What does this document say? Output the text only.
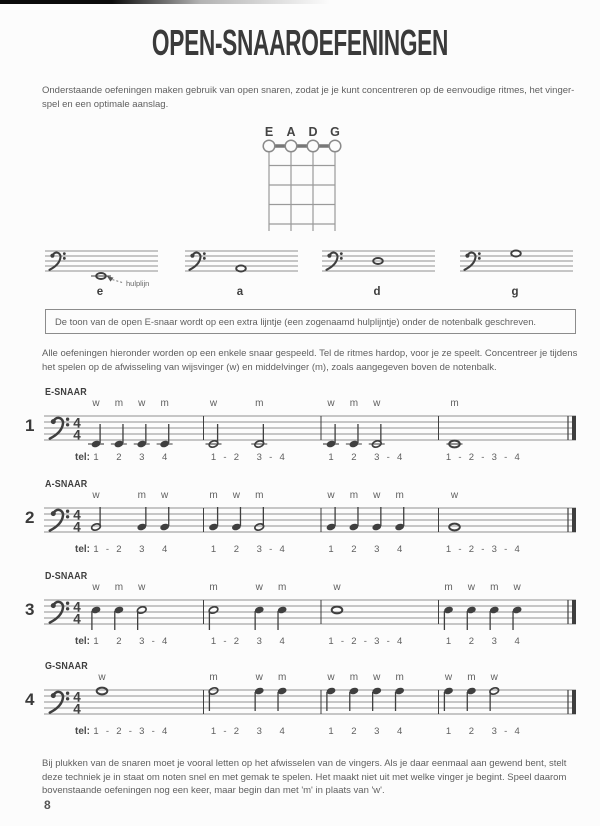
OPEN-SNAAROEFENINGEN
Onderstaande oefeningen maken gebruik van open snaren, zodat je je kunt concentreren op de eenvoudige ritmes, het vinger-
spel en een optimale aanslag.
E A D G
hulplijn
e	a	d	g
De toon van de open E-snaar wordt op een extra lijntje (een zogenaamd hulplijntje) onder de notenbalk geschreven.
Alle oefeningen hieronder worden op een enkele snaar gespeeld. Tel de ritmes hardop, voor je ze speelt. Concentreer je tijdens
het spelen op de afwisseling van wijsvinger (w) en middelvinger (m), zoals aangegeven boven de notenbalk.
Bij plukken van de snaren moet je vooral letten op het afwisselen van de vingers. Als je daar eenmaal aan gewend bent, stelt
deze techniek je in staat om noten snel en met gemak te spelen. Het maakt niet uit met welke vinger je begint. Speel daarom
bovenstaande oefeningen nog een keer, maar begin dan met 'm' in plaats van 'w'.
8
E-SNAAR
1	4
4
tel:
w m w m
1 2 3 4
w	m
1 - 2 3 - 4
w m w
1 2 3 - 4
m
1 - 2 - 3 - 4
A-SNAAR
2	4
4
tel:
w	m w
1 - 2 3 4
m w m
1 2 3 - 4
w m w m
1 2 3 4
w
1 - 2 - 3 - 4
D-SNAAR
3	4
4
tel:
w m w
1 2 3 - 4
m	w m
1 - 2 3 4
w
1 - 2 - 3 - 4
m w m w
1 2 3 4
G-SNAAR
4	4
4
tel:
w
1 - 2 - 3 - 4
m	w m
1 - 2 3 4
w m w m
1 2 3 4
w m w
1 2 3 - 4
